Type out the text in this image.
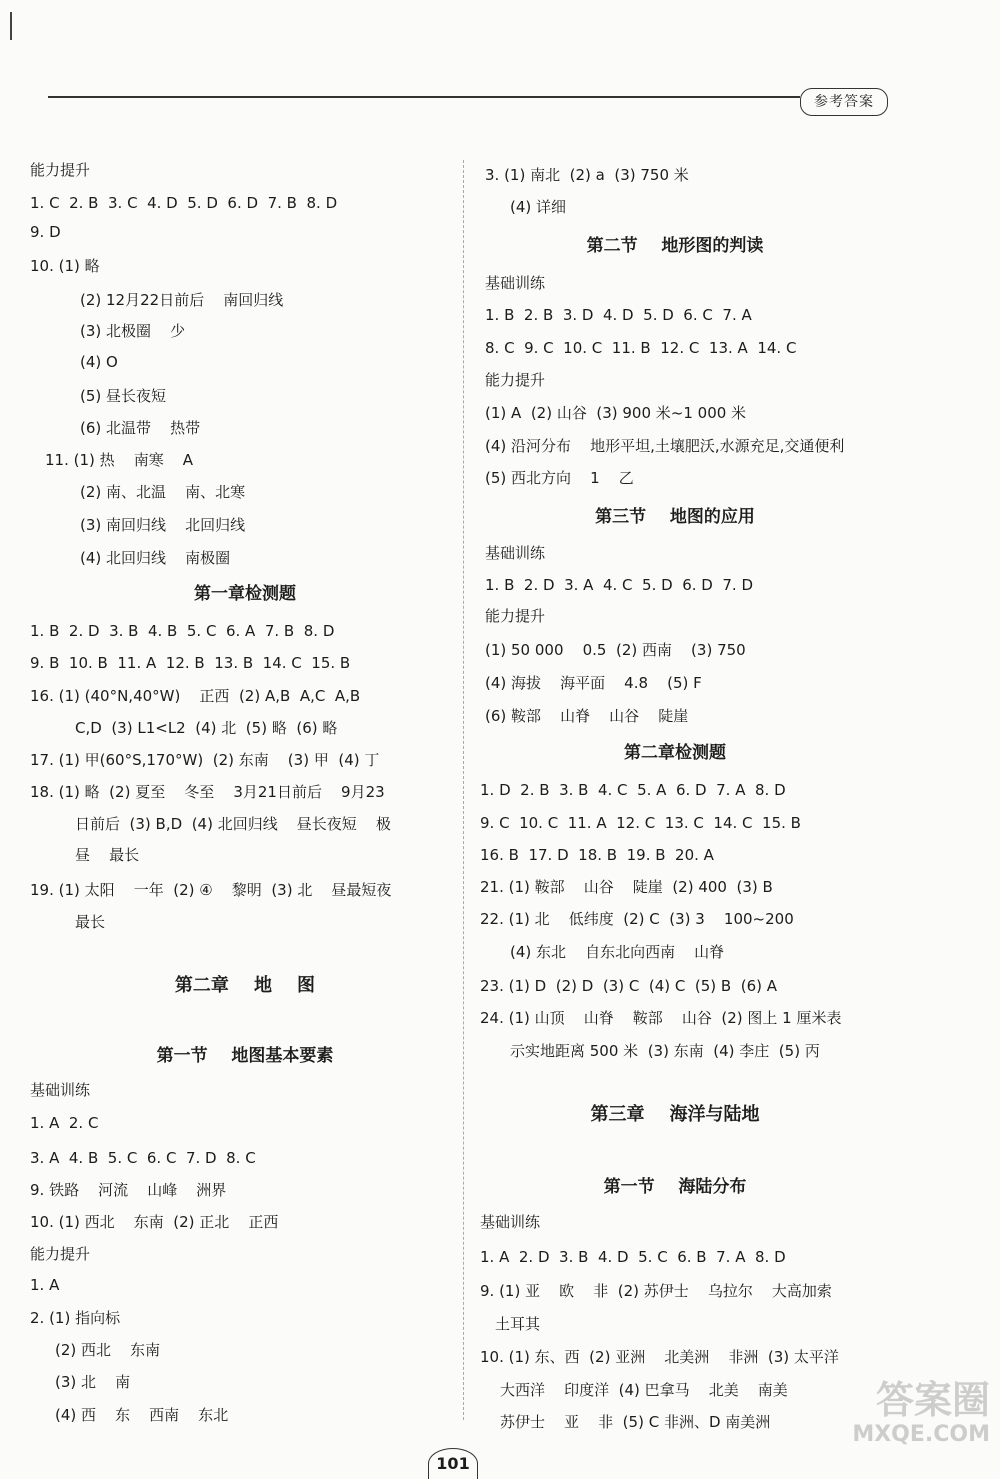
参考答案
能力提升
1. C  2. B  3. C  4. D  5. D  6. D  7. B  8. D
9. D
10. (1) 略
(2) 12月22日前后    南回归线
(3) 北极圈    少
(4) O
(5) 昼长夜短
(6) 北温带    热带
11. (1) 热    南寒    A
(2) 南、北温    南、北寒
(3) 南回归线    北回归线
(4) 北回归线    南极圈
第一章检测题
1. B  2. D  3. B  4. B  5. C  6. A  7. B  8. D
9. B  10. B  11. A  12. B  13. B  14. C  15. B
16. (1) (40°N,40°W)    正西  (2) A,B  A,C  A,B
C,D  (3) L1<L2  (4) 北  (5) 略  (6) 略
17. (1) 甲(60°S,170°W)  (2) 东南    (3) 甲  (4) 丁
18. (1) 略  (2) 夏至    冬至    3月21日前后    9月23
日前后  (3) B,D  (4) 北回归线    昼长夜短    极
昼    最长
19. (1) 太阳    一年  (2) ④    黎明  (3) 北    昼最短夜
最长
第二章    地    图
第一节    地图基本要素
基础训练
1. A  2. C
3. A  4. B  5. C  6. C  7. D  8. C
9. 铁路    河流    山峰    洲界
10. (1) 西北    东南  (2) 正北    正西
能力提升
1. A
2. (1) 指向标
(2) 西北    东南
(3) 北    南
(4) 西    东    西南    东北
3. (1) 南北  (2) a  (3) 750 米
(4) 详细
第二节    地形图的判读
基础训练
1. B  2. B  3. D  4. D  5. D  6. C  7. A
8. C  9. C  10. C  11. B  12. C  13. A  14. C
能力提升
(1) A  (2) 山谷  (3) 900 米~1 000 米
(4) 沿河分布    地形平坦,土壤肥沃,水源充足,交通便利
(5) 西北方向    1    乙
第三节    地图的应用
基础训练
1. B  2. D  3. A  4. C  5. D  6. D  7. D
能力提升
(1) 50 000    0.5  (2) 西南    (3) 750
(4) 海拔    海平面    4.8    (5) F
(6) 鞍部    山脊    山谷    陡崖
第二章检测题
1. D  2. B  3. B  4. C  5. A  6. D  7. A  8. D
9. C  10. C  11. A  12. C  13. C  14. C  15. B
16. B  17. D  18. B  19. B  20. A
21. (1) 鞍部    山谷    陡崖  (2) 400  (3) B
22. (1) 北    低纬度  (2) C  (3) 3    100~200
(4) 东北    自东北向西南    山脊
23. (1) D  (2) D  (3) C  (4) C  (5) B  (6) A
24. (1) 山顶    山脊    鞍部    山谷  (2) 图上 1 厘米表
示实地距离 500 米  (3) 东南  (4) 李庄  (5) 丙
第三章    海洋与陆地
第一节    海陆分布
基础训练
1. A  2. D  3. B  4. D  5. C  6. B  7. A  8. D
9. (1) 亚    欧    非  (2) 苏伊士    乌拉尔    大高加索
土耳其
10. (1) 东、西  (2) 亚洲    北美洲    非洲  (3) 太平洋
大西洋    印度洋  (4) 巴拿马    北美    南美
苏伊士    亚    非  (5) C 非洲、D 南美洲
101
答案圈
MXQE.COM
